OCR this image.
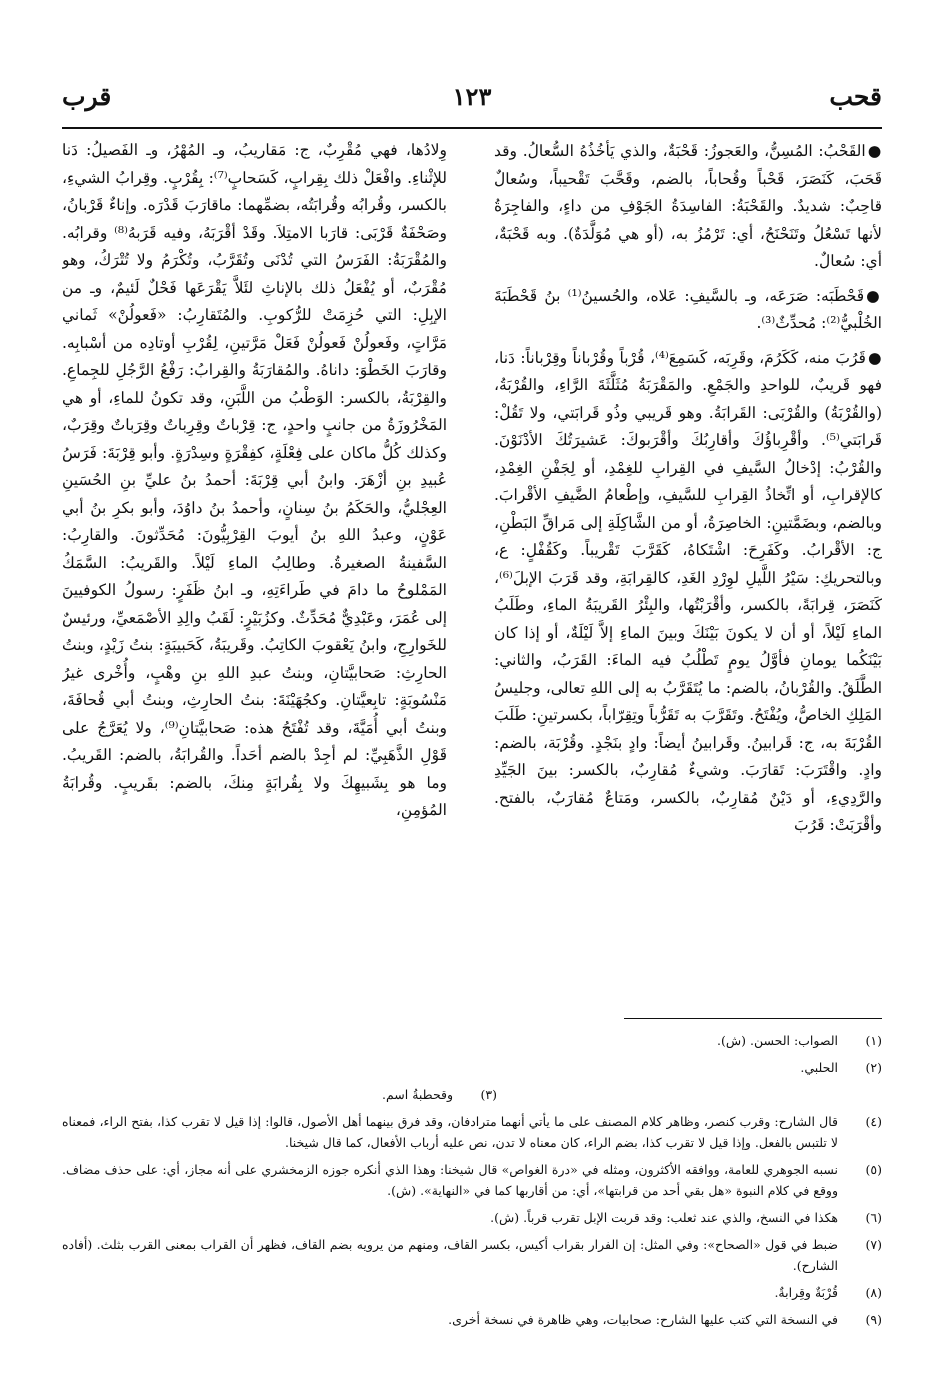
قحب
١٢٣
قرب

●القَحْبُ: المُسِنُّ، والعَجوزُ: قَحْبَةٌ، والذي يَأخُذُهُ السُّعالُ. وقد قَحَبَ، كَنَصَرَ، قَحْباً وقُحاباً، بالضم، وقَحَّبَ تَقْحيباً، وسُعالٌ قاحِبٌ: شديدٌ. والقَحْبَةُ: الفاسِدَةُ الجَوْفِ من داءٍ، والفاجِرَةُ لأنها تَسْعُلُ وتَنَحْنَحُ، أي: تَرْمُزُ به، (أو هي مُوَلَّدَةٌ). وبه قَحْبَةٌ، أي: سُعالٌ.

●قَحْطَبَه: صَرَعَه، وـ بالسَّيفِ: عَلاه، والحُسينُ⁽¹⁾ بنُ قَحْطَبَةَ الخُلْبيُّ⁽²⁾: مُحدِّثٌ⁽³⁾.

●قَرُبَ منه، كَكَرُمَ، وقَرِبَه، كَسَمِعَ⁽⁴⁾، قُرْباً وقُرْباناً وقِرْباناً: دَنا، فهو قَريبٌ، للواحدِ والجَمْعِ. والمَقْرَبَةُ مُثَلَّثَةَ الرَّاءِ، والقُرْبَةُ، (والقُرْبَةُ) والقُرْبَى: القَرابَةُ. وهو قَريبي وذُو قَرابَتي، ولا تَقُلْ: قَرابَتي⁽⁵⁾. وأقْرِباؤُكَ وأقارِبُكَ وأقْرَبوكَ: عَشيرَتُكَ الأدْنَوْنَ. والقُرْبُ: إدْخالُ السَّيفِ في القِرابِ للغِمْدِ، أو لِجَفْنِ الغِمْدِ، كالإقرابِ، أو اتِّخاذُ القِرابِ للسَّيفِ، وإطْعامُ الضَّيفِ الأقْرابَ. وبالضم، وبضَمَّتينِ: الخاصِرَةُ، أو من الشَّاكِلَةِ إلى مَراقِّ البَطْنِ، ج: الأقْرابُ. وكَفَرِحَ: اشْتَكاهُ، كَقَرَّبَ تَقْريباً. وكَقُفْلٍ: ع، وبالتحريكِ: سَيْرُ اللَّيلِ لوِرْدِ الغَدِ، كالقِرابَةِ، وقد قَرَبَ الإبلَ⁽⁶⁾، كَنَصَرَ، قِرابَةً، بالكسر، وأقْرَبْتُها، والبِئْرُ القَريبَةُ الماءِ، وطَلَبُ الماءِ لَيْلاً، أو أن لا يكونَ بَيْنَكَ وبينَ الماءِ إلاَّ لَيْلَةٌ، أو إذا كان بَيْنَكُما يومانِ فأوَّلُ يومٍ تَطْلُبُ فيه الماءَ: القَرَبُ، والثاني: الطَّلَقُ. والقُرْبانُ، بالضم: ما يُتَقَرَّبُ به إلى اللهِ تعالى، وجليسُ المَلِكِ الخاصُّ، ويُفْتَحُ. وتَقَرَّبَ به تَقَرُّباً وتِقِرّاباً، بكسرتينِ: طَلَبَ القُرْبَةَ به، ج: قَرابينُ. وقَرابينُ أيضاً: وادٍ بنَجْدٍ. وقُرْبَة، بالضم: وادٍ. واقْتَرَبَ: تَقارَبَ. وشيءٌ مُقارِبٌ، بالكسر: بينَ الجَيِّدِ والرَّدِيءِ، أو دَيْنٌ مُقارِبٌ، بالكسر، ومَتاعٌ مُقارَبٌ، بالفتح. وأقْرَبَتْ: قَرُبَ

وِلادُها، فهي مُقْرِبٌ، ج: مَقاريبُ، وـ المُهْرُ، وـ الفَصيلُ: دَنا للإثْناءِ. وافْعَلْ ذلك بِقِرابٍ، كَسَحابٍ⁽⁷⁾: بِقُرْبٍ. وقِرابُ الشيءِ، بالكسر، وقُرابُه وقُرابَتُه، بضمِّهما: ماقارَبَ قَدْرَه. وإناءٌ قَرْبانُ، وصَحْفَةٌ قَرْبَى: قارَبا الامتِلاَ. وقَدْ أقْرَبَهُ، وفيه قَرَبهُ⁽⁸⁾ وقرابُه. والمُقْرَبَةُ: الفَرَسُ التي تُدْنَى وتُقَرَّبُ، وتُكْرَمُ ولا تُتْرَكُ، وهو مُقْرَبٌ، أو يُفْعَلُ ذلك بالإناثِ لئَلاَّ يَقْرَعَها فَحْلٌ لَئيمٌ، وـ من الإبِلِ: التي حُزِمَتْ للرُّكوبِ. والمُتَقارِبُ: «فَعولُنْ» ثَماني مَرَّاتٍ، وفَعولُنْ فَعولُنْ فَعَلْ مَرَّتينِ، لِقُرْبِ أوتادِه من أسْبابِه. وقارَبَ الخَطْوَ: داناهُ. والمُقارَبَةُ والقِرابُ: رَفْعُ الرَّجُلِ للجِماعِ. والقِرْبَةُ، بالكسر: الوَطْبُ من اللَّبَنِ، وقد تكونُ للماءِ، أو هي المَخْرُوزَةُ من جانبٍ واحدٍ، ج: قِرْباتٌ وقِرِباتٌ وقِرَباتٌ وقِرَبٌ، وكذلك كُلُّ ماكان على فِعْلَةٍ، كفِقْرَةٍ وسِدْرَةٍ. وأبو قِرْبَةَ: فَرَسُ عُبيدِ بنِ أزْهَرَ. وابنُ أبي قِرْبَةَ: أحمدُ بنُ عليِّ بنِ الحُسَينِ العِجْليُّ، والحَكَمُ بنُ سِنانٍ، وأحمدُ بنُ داوُدَ، وأبو بكرِ بنُ أبي عَوْنٍ، وعبدُ اللهِ بنُ أيوبَ القِرْبِيُّونَ: مُحَدِّثونَ. والقارِبُ: السَّفينةُ الصغيرةُ. وطالِبُ الماءِ لَيْلاً. والقَريبُ: السَّمَكُ المَمْلوحُ ما دامَ في طَراءَتِهِ، وـ ابنُ ظَفَرٍ: رسولُ الكوفيينَ إلى عُمَرَ، وعَبْدِيٌّ مُحَدِّثٌ. وكزُبَيْرٍ: لَقَبُ والِدِ الأصْمَعيِّ، ورئيسٌ للخَوارِجِ، وابنُ يَعْقوبَ الكاتِبُ. وقَريبَةُ، كَحَبيبَةٍ: بنتُ زَيْدٍ، وبنتُ الحارِثِ: صَحابيَّتانِ، وبنتُ عبدِ اللهِ بنِ وهْبٍ، وأُخْرى غيرُ مَنْسُوبَةٍ: تابِعيَّتانِ. وكجُهَيْنَةَ: بنتُ الحارِثِ، وبنتُ أبي قُحافَةَ، وبنتُ أبي أُمَيَّةَ، وقد تُفْتَحُ هذه: صَحابيَّتانِ⁽⁹⁾، ولا يُعَرَّجُ على قَوْلِ الذَّهَبِيِّ: لم أجِدْ بالضم أحَداً. والقُرابَةُ، بالضم: القَريبُ. وما هو بِشَبيهِكَ ولا بِقُرابَةٍ مِنكَ، بالضم: بقَريبٍ. وقُرابَةُ المُؤمِنِ،

(١)
الصواب: الحسن. (ش).
(٢)
الحلبي.
(٣)
وقحطبةُ اسم.
(٤)
قال الشارح: وقرب كنصر، وظاهر كلام المصنف على ما يأتي أنهما مترادفان، وقد فرق بينهما أهل الأصول، قالوا: إذا قيل لا تقرب كذا، بفتح الراء، فمعناه لا تلتبس بالفعل. وإذا قيل لا تقرب كذا، بضم الراء، كان معناه لا تدن، نص عليه أرباب الأفعال، كما قال شيخنا.
(٥)
نسبه الجوهري للعامة، ووافقه الأكثرون، ومثله في «درة الغواص» قال شيخنا: وهذا الذي أنكره جوزه الزمخشري على أنه مجاز، أي: على حذف مضاف. ووقع في كلام النبوة «هل بقي أحد من قرابتها»، أي: من أقاربها كما في «النهاية». (ش).
(٦)
هكذا في النسخ، والذي عند ثعلب: وقد قربت الإبل تقرب قرباً. (ش).
(٧)
ضبط في قول «الصحاح»: وفي المثل: إن الفرار بقراب أكيس، بكسر القاف، ومنهم من يرويه بضم القاف، فظهر أن القراب بمعنى القرب بثلث. (أفاده الشارح).
(٨)
قُرْبَةٌ وقِرابةٌ.
(٩)
في النسخة التي كتب عليها الشارح: صحابيات، وهي ظاهرة في نسخة أخرى.
